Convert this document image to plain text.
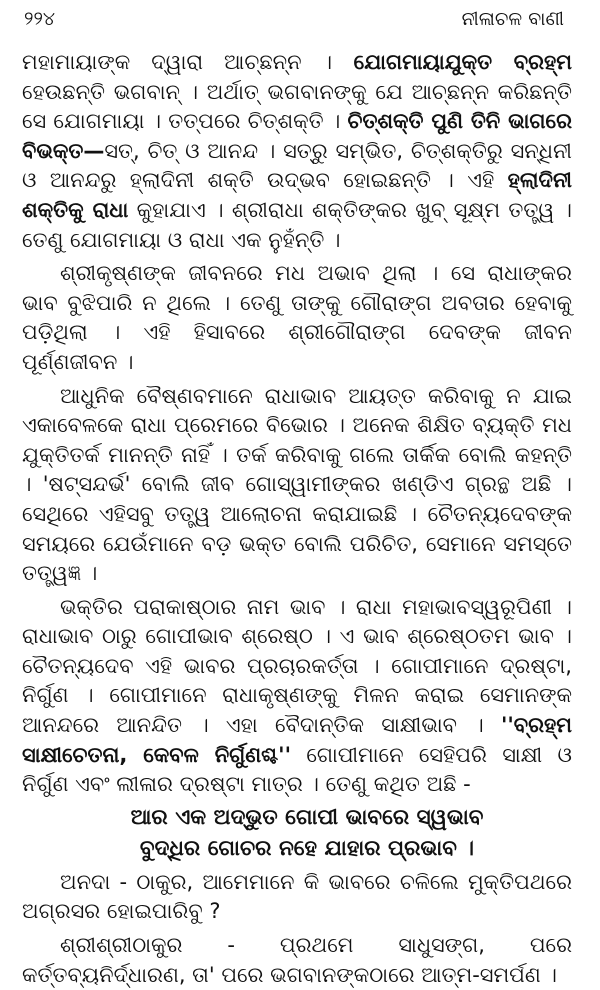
୨୨୪	ନୀଳାଚଳ ବାଣୀ

ମହାମାୟାଙ୍କ ଦ୍ୱାରା ଆଚ୍ଛନ୍ନ । ଯୋଗମାୟାଯୁକ୍ତ ବ୍ରହ୍ମ ହେଉଛନ୍ତି ଭଗବାନ୍ । ଅର୍ଥାତ୍ ଭଗବାନଙ୍କୁ ଯେ ଆଚ୍ଛନ୍ନ କରିଛନ୍ତି ସେ ଯୋଗମାୟା । ତତ୍ପରେ ଚିତ୍‌ଶକ୍ତି । ଚିତ୍‌ଶକ୍ତି ପୁଣି ତିନି ଭାଗରେ ବିଭକ୍ତ—ସତ୍, ଚିତ୍ ଓ ଆନନ୍ଦ । ସତ୍‌ରୁ ସମ୍ଭିତ, ଚିତ୍‌ଶକ୍ତିରୁ ସନ୍ଧିନୀ ଓ ଆନନ୍ଦରୁ ହ୍ଲାଦିନୀ ଶକ୍ତି ଉଦ୍ଭବ ହୋଇଛନ୍ତି । ଏହି ହ୍ଲାଦିନୀ ଶକ୍ତିକୁ ରାଧା କୁହାଯାଏ । ଶ୍ରୀରାଧା ଶକ୍ତିଙ୍କର ଖୁବ୍ ସୂକ୍ଷ୍ମ ତତ୍ତ୍ୱ । ତେଣୁ ଯୋଗମାୟା ଓ ରାଧା ଏକ ନୁହଁନ୍ତି ।

ଶ୍ରୀକୃଷ୍ଣଙ୍କ ଜୀବନରେ ମଧ ଅଭାବ ଥିଲା । ସେ ରାଧାଙ୍କର ଭାବ ବୁଝିପାରି ନ ଥିଲେ । ତେଣୁ ତାଙ୍କୁ ଗୌରାଙ୍ଗ ଅବତାର ହେବାକୁ ପଡ଼ିଥିଲା । ଏହି ହିସାବରେ ଶ୍ରୀଗୌରାଙ୍ଗ ଦେବଙ୍କ ଜୀବନ ପୂର୍ଣ୍ଣଜୀବନ ।

ଆଧୁନିକ ବୈଷ୍ଣବମାନେ ରାଧାଭାବ ଆୟତ୍ତ କରିବାକୁ ନ ଯାଇ ଏକାବେଳକେ ରାଧା ପ୍ରେମରେ ବିଭୋର । ଅନେକ ଶିକ୍ଷିତ ବ୍ୟକ୍ତି ମଧ ଯୁକ୍ତିତର୍କ ମାନନ୍ତି ନାହିଁ । ତର୍କ କରିବାକୁ ଗଲେ ତାର୍କିକ ବୋଲି କହନ୍ତି । 'ଷଟ୍‌ସନ୍ଦର୍ଭ' ବୋଲି ଜୀବ ଗୋସ୍ୱାମୀଙ୍କର ଖଣ୍ଡିଏ ଗ୍ରନ୍ଥ ଅଛି । ସେଥିରେ ଏହିସବୁ ତତ୍ତ୍ୱ ଆଲୋଚନା କରାଯାଇଛି । ଚୈତନ୍ୟଦେବଙ୍କ ସମୟରେ ଯେଉଁମାନେ ବଡ଼ ଭକ୍ତ ବୋଲି ପରିଚିତ, ସେମାନେ ସମସ୍ତେ ତତ୍ତ୍ୱଜ୍ଞ ।

ଭକ୍ତିର ପରାକାଷ୍ଠାର ନାମ ଭାବ । ରାଧା ମହାଭାବସ୍ୱରୂପିଣୀ । ରାଧାଭାବ ଠାରୁ ଗୋପୀଭାବ ଶ୍ରେଷ୍ଠ । ଏ ଭାବ ଶ୍ରେଷ୍ଠତମ ଭାବ । ଚୈତନ୍ୟଦେବ ଏହି ଭାବର ପ୍ରଚାରକର୍ତ୍ତା । ଗୋପୀମାନେ ଦ୍ରଷ୍ଟା, ନିର୍ଗୁଣ । ଗୋପୀମାନେ ରାଧାକୃଷ୍ଣଙ୍କୁ ମିଳନ କରାଇ ସେମାନଙ୍କ ଆନନ୍ଦରେ ଆନନ୍ଦିତ । ଏହା ବୈଦାନ୍ତିକ ସାକ୍ଷୀଭାବ । ''ବ୍ରହ୍ମ ସାକ୍ଷୀଚେତନା, କେବଳ ନିର୍ଗୁଣଶ୍ଚ'' ଗୋପୀମାନେ ସେହିପରି ସାକ୍ଷୀ ଓ ନିର୍ଗୁଣ ଏବଂ ଲୀଳାର ଦ୍ରଷ୍ଟା ମାତ୍ର । ତେଣୁ କଥିତ ଅଛି -

ଆର ଏକ ଅଦ୍ଭୁତ ଗୋପୀ ଭାବରେ ସ୍ୱଭାବ
ବୁଦ୍ଧିର ଗୋଚର ନହେ ଯାହାର ପ୍ରଭାବ ।

ଅନଦା - ଠାକୁର, ଆମେମାନେ କି ଭାବରେ ଚଳିଲେ ମୁକ୍ତିପଥରେ ଅଗ୍ରସର ହୋଇପାରିବୁ ?

ଶ୍ରୀଶ୍ରୀଠାକୁର - ପ୍ରଥମେ ସାଧୁସଙ୍ଗ, ପରେ କର୍ତ୍ତବ୍ୟନିର୍ଦ୍ଧାରଣ, ତା' ପରେ ଭଗବାନଙ୍କଠାରେ ଆତ୍ମ-ସମର୍ପଣ ।
